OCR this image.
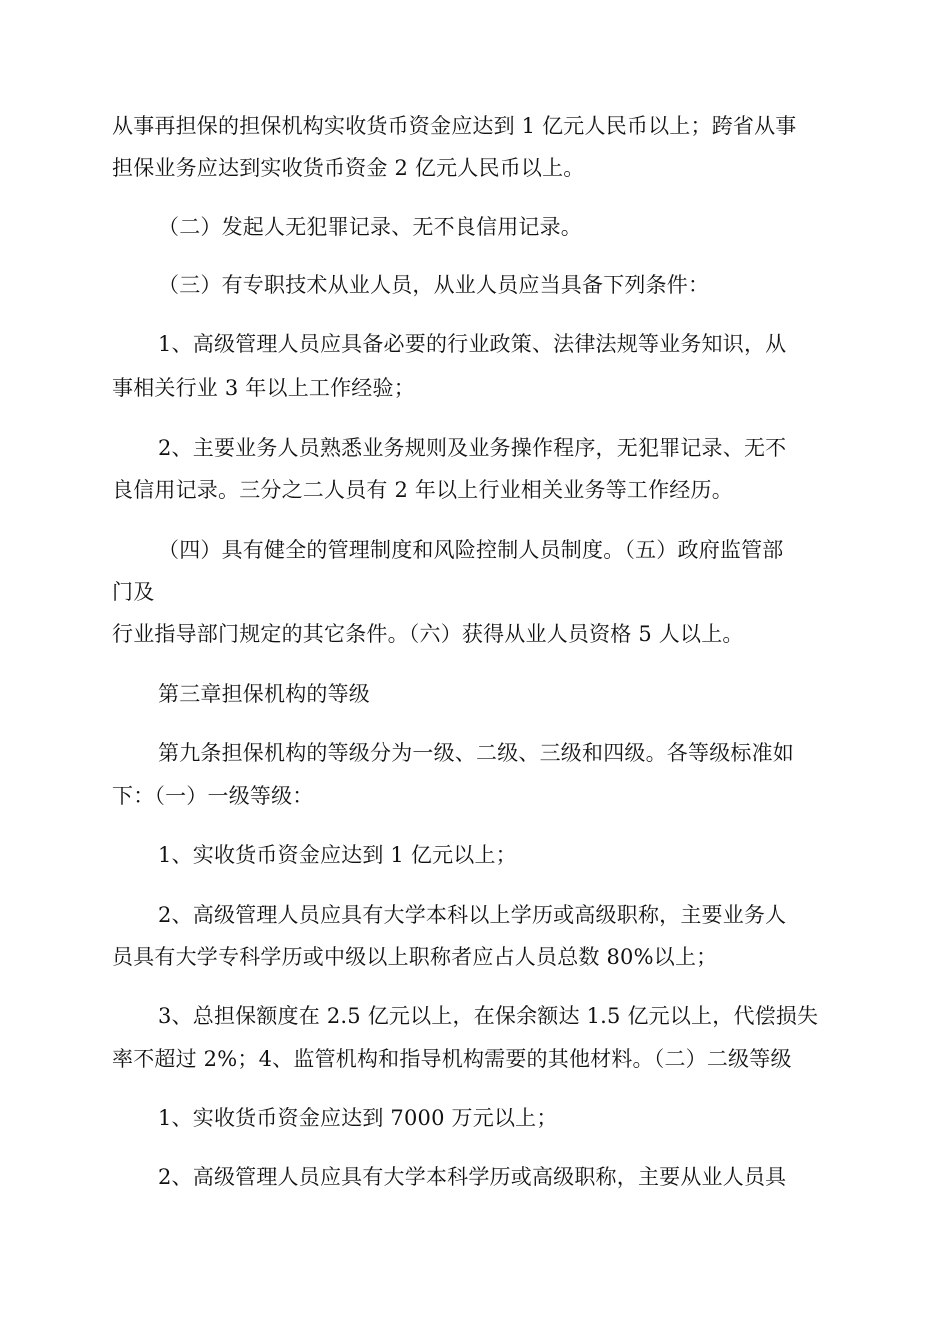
从事再担保的担保机构实收货币资金应达到 1 亿元人民币以上；跨省从事
担保业务应达到实收货币资金 2 亿元人民币以上。
（二）发起人无犯罪记录、无不良信用记录。
（三）有专职技术从业人员，从业人员应当具备下列条件：
1、高级管理人员应具备必要的行业政策、法律法规等业务知识，从
事相关行业 3 年以上工作经验；
2、主要业务人员熟悉业务规则及业务操作程序，无犯罪记录、无不
良信用记录。三分之二人员有 2 年以上行业相关业务等工作经历。
（四）具有健全的管理制度和风险控制人员制度。（五）政府监管部
门及
行业指导部门规定的其它条件。（六）获得从业人员资格 5 人以上。
第三章担保机构的等级
第九条担保机构的等级分为一级、二级、三级和四级。各等级标准如
下：（一）一级等级：
1、实收货币资金应达到 1 亿元以上；
2、高级管理人员应具有大学本科以上学历或高级职称，主要业务人
员具有大学专科学历或中级以上职称者应占人员总数 80%以上；
3、总担保额度在 2.5 亿元以上，在保余额达 1.5 亿元以上，代偿损失
率不超过 2%；4、监管机构和指导机构需要的其他材料。（二）二级等级
1、实收货币资金应达到 7000 万元以上；
2、高级管理人员应具有大学本科学历或高级职称，主要从业人员具
